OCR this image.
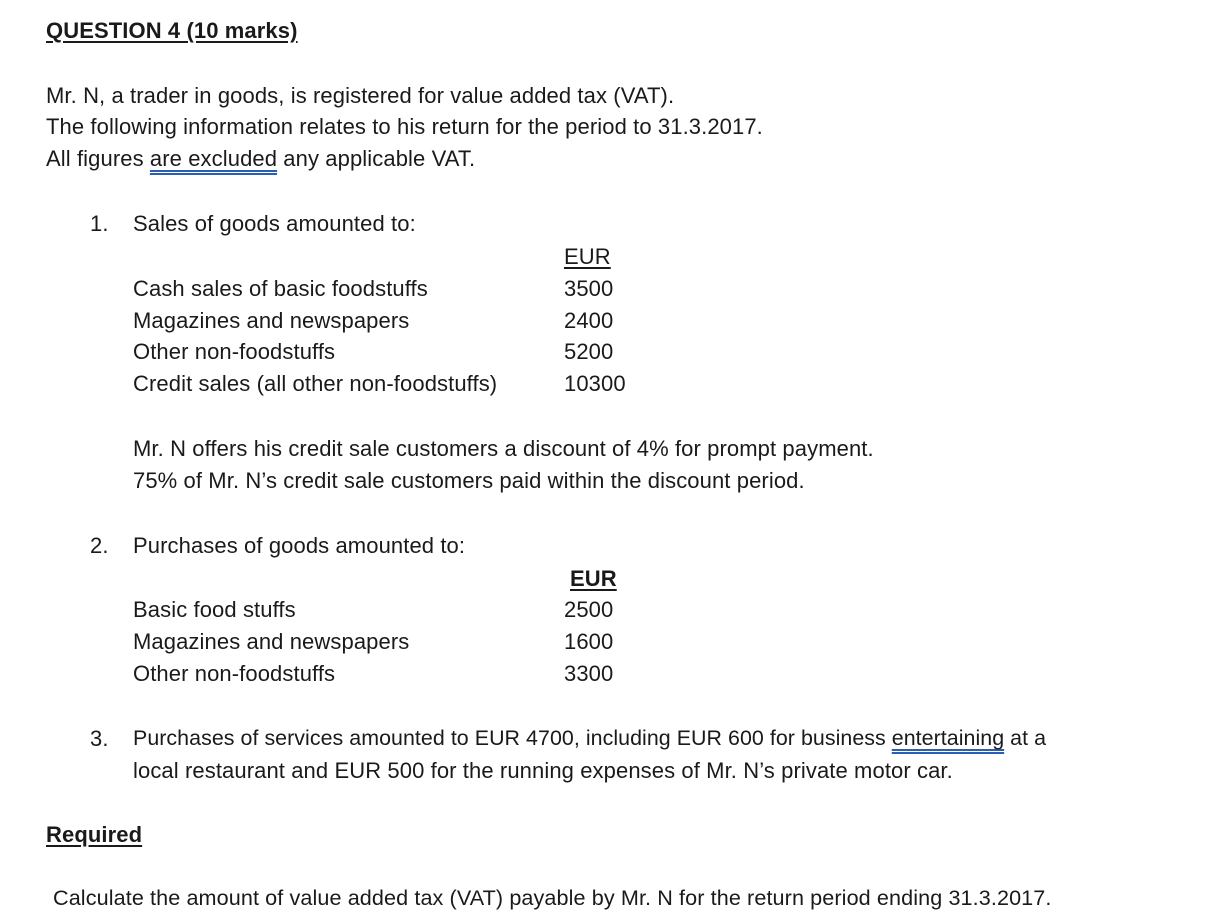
QUESTION 4 (10 marks)
Mr. N, a trader in goods, is registered for value added tax (VAT).
The following information relates to his return for the period to 31.3.2017.
All figures are excluded any applicable VAT.
1. Sales of goods amounted to:
EUR
Cash sales of basic foodstuffs	3500
Magazines and newspapers	2400
Other non-foodstuffs	5200
Credit sales (all other non-foodstuffs)	10300
Mr. N offers his credit sale customers a discount of 4% for prompt payment.
75% of Mr. N’s credit sale customers paid within the discount period.
2. Purchases of goods amounted to:
EUR
Basic food stuffs	2500
Magazines and newspapers	1600
Other non-foodstuffs	3300
3. Purchases of services amounted to EUR 4700, including EUR 600 for business entertaining at a
local restaurant and EUR 500 for the running expenses of Mr. N’s private motor car.
Required
Calculate the amount of value added tax (VAT) payable by Mr. N for the return period ending 31.3.2017.
